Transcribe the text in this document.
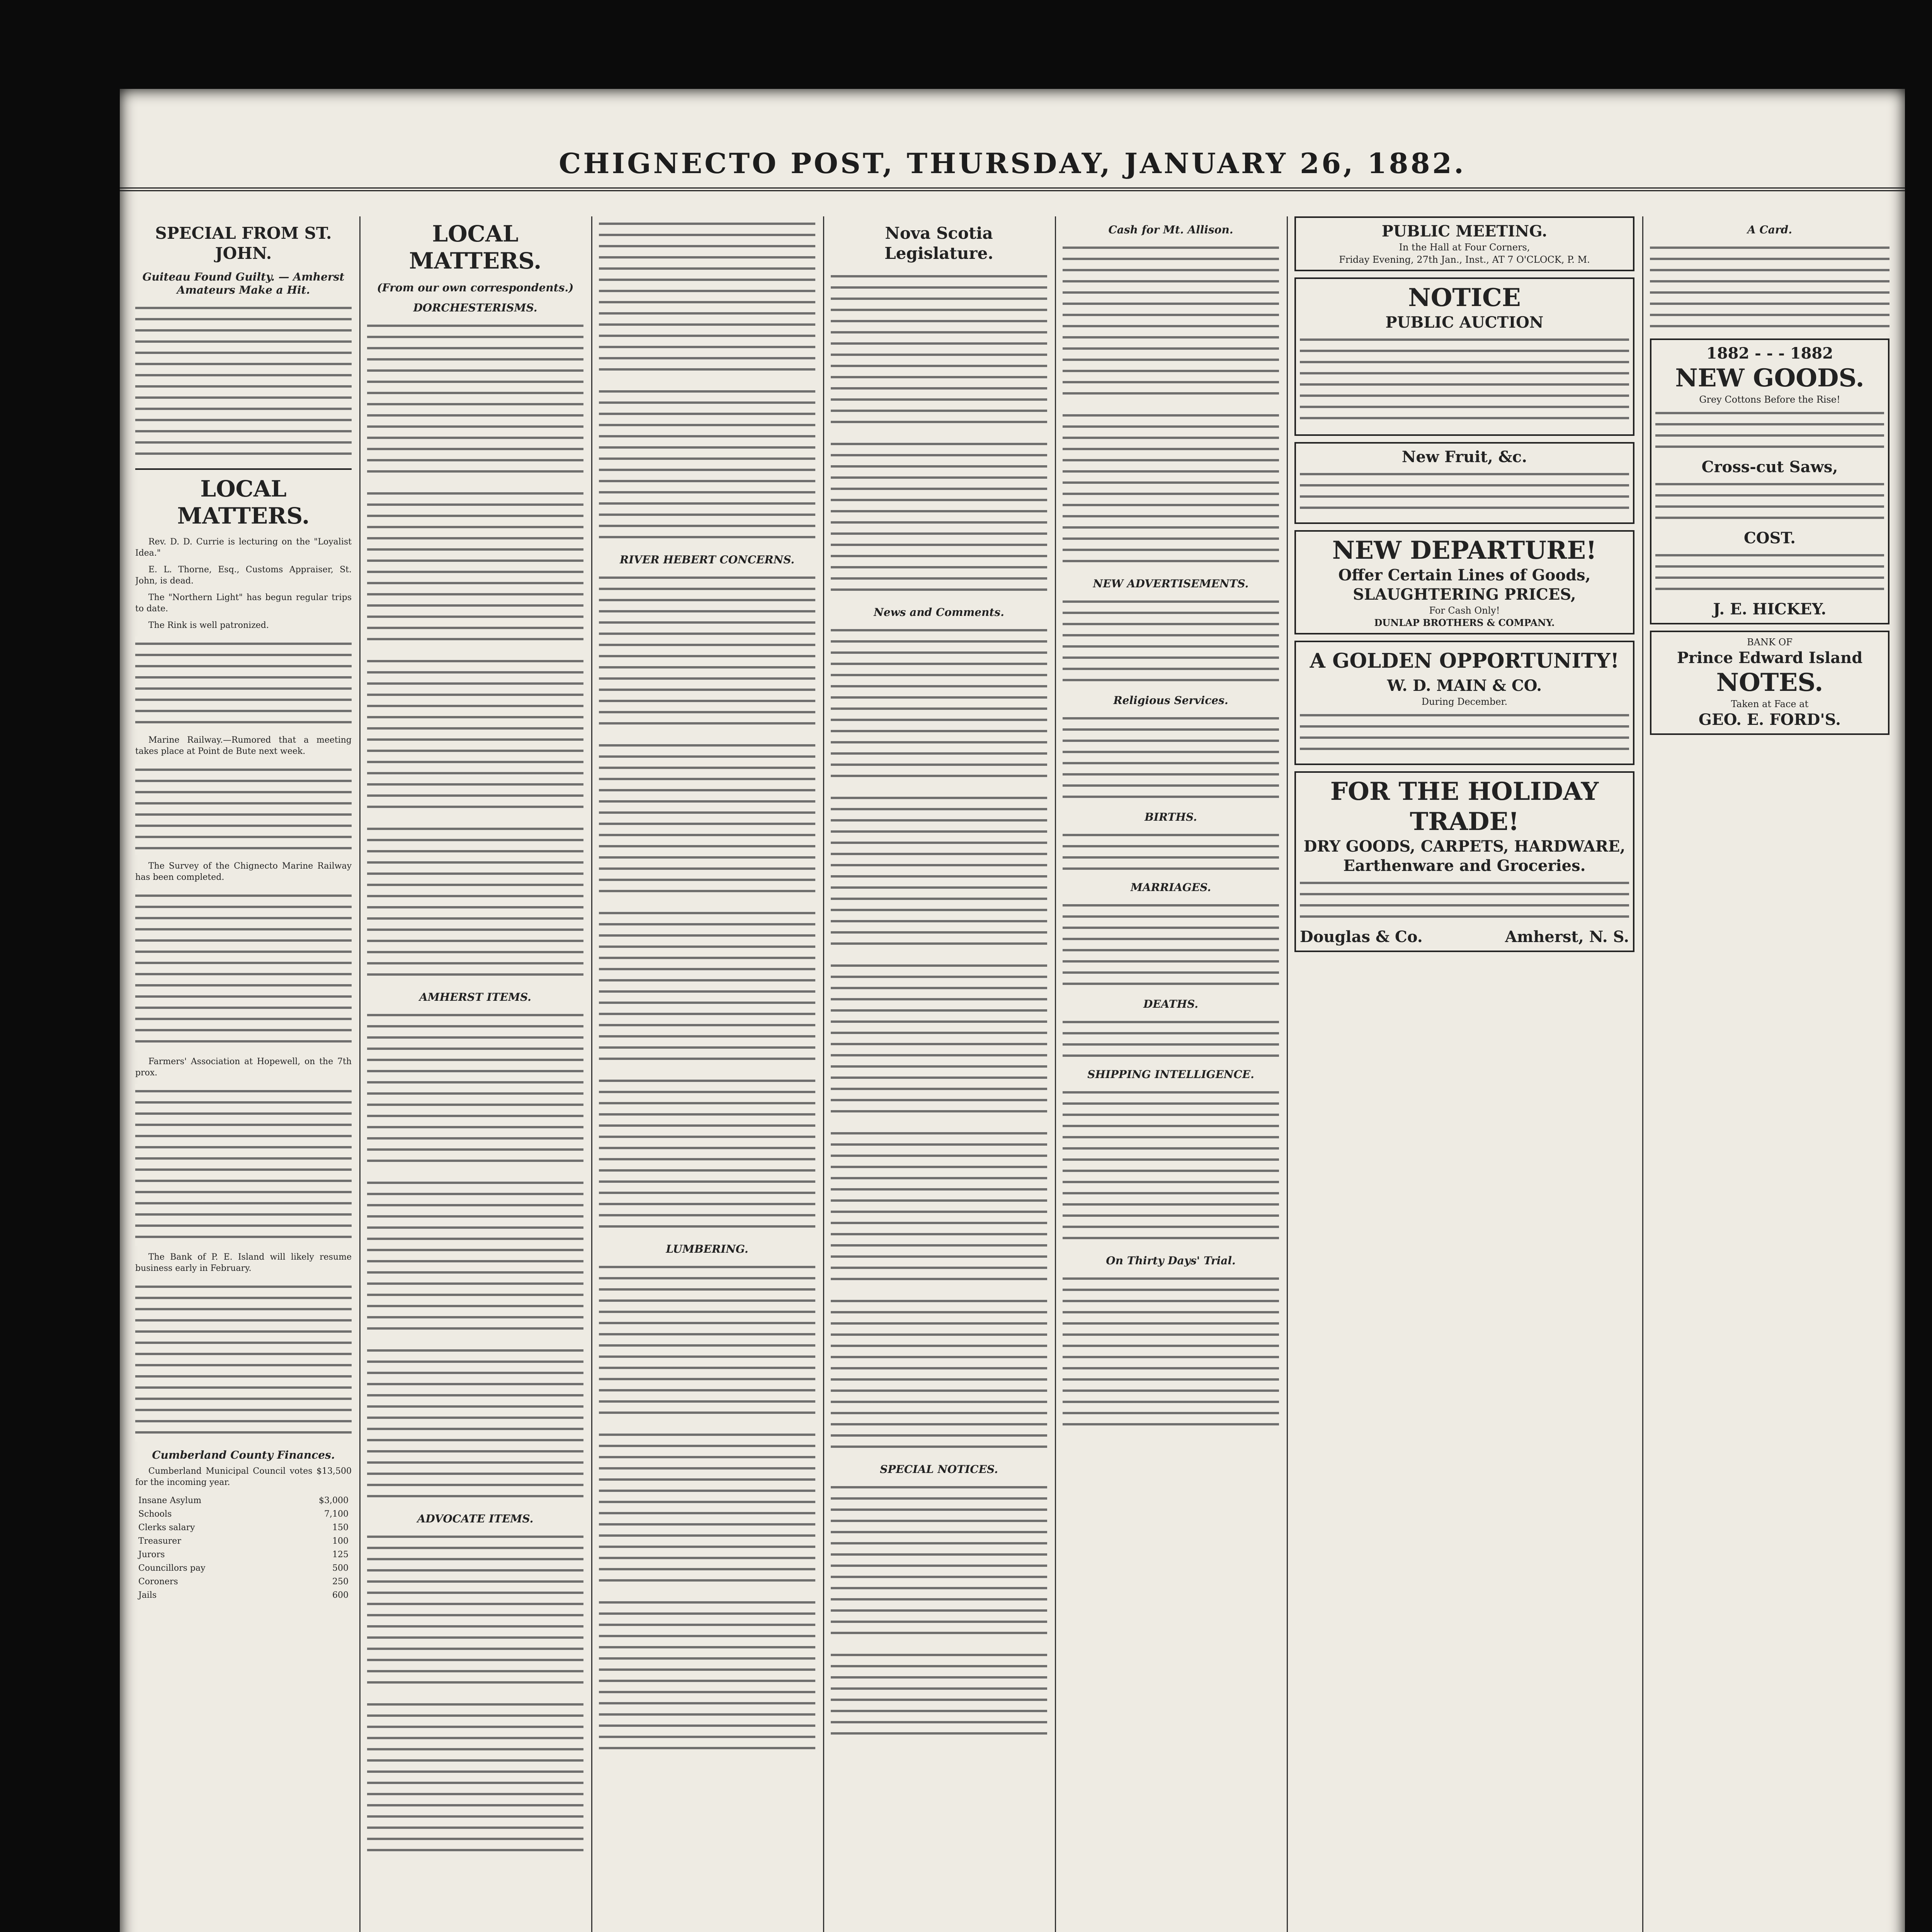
CHIGNECTO POST, THURSDAY, JANUARY 26, 1882.
SPECIAL FROM ST. JOHN.
Guiteau Found Guilty. — Amherst Amateurs Make a Hit.
LOCAL MATTERS.

Rev. D. D. Currie is lecturing on the "Loyalist Idea."

E. L. Thorne, Esq., Customs Appraiser, St. John, is dead.

The "Northern Light" has begun regular trips to date.

The Rink is well patronized.

Marine Railway.—Rumored that a meeting takes place at Point de Bute next week.

The Survey of the Chignecto Marine Railway has been completed.

Farmers' Association at Hopewell, on the 7th prox.

The Bank of P. E. Island will likely resume business early in February.

Cumberland County Finances.

Cumberland Municipal Council votes $13,500 for the incoming year.

Insane Asylum	$3,000
Schools	7,100
Clerks salary	150
Treasurer	100
Jurors	125
Councillors pay	500
Coroners	250
Jails	600
LOCAL MATTERS.
(From our own correspondents.)
DORCHESTERISMS.
AMHERST ITEMS.
ADVOCATE ITEMS.
RIVER HEBERT CONCERNS.
LUMBERING.
Nova Scotia Legislature.
News and Comments.
SPECIAL NOTICES.
Cash for Mt. Allison.
NEW ADVERTISEMENTS.
Religious Services.
BIRTHS.
MARRIAGES.
DEATHS.
SHIPPING INTELLIGENCE.
On Thirty Days' Trial.
PUBLIC MEETING.
In the Hall at Four Corners,
Friday Evening, 27th Jan., Inst., AT 7 O'CLOCK, P. M.
NOTICE
PUBLIC AUCTION
New Fruit, &c.
NEW DEPARTURE!
Offer Certain Lines of Goods,
SLAUGHTERING PRICES,
For Cash Only!
DUNLAP BROTHERS & COMPANY.
A GOLDEN OPPORTUNITY!
W. D. MAIN & CO.
During December.
FOR THE HOLIDAY TRADE!
DRY GOODS, CARPETS, HARDWARE,
Earthenware and Groceries.
Douglas & Co.	Amherst, N. S.
A Card.
1882 - - - 1882
NEW GOODS.
Grey Cottons Before the Rise!
Cross-cut Saws,
COST.
J. E. HICKEY.
BANK OF
Prince Edward Island
NOTES.
Taken at Face at
GEO. E. FORD'S.
